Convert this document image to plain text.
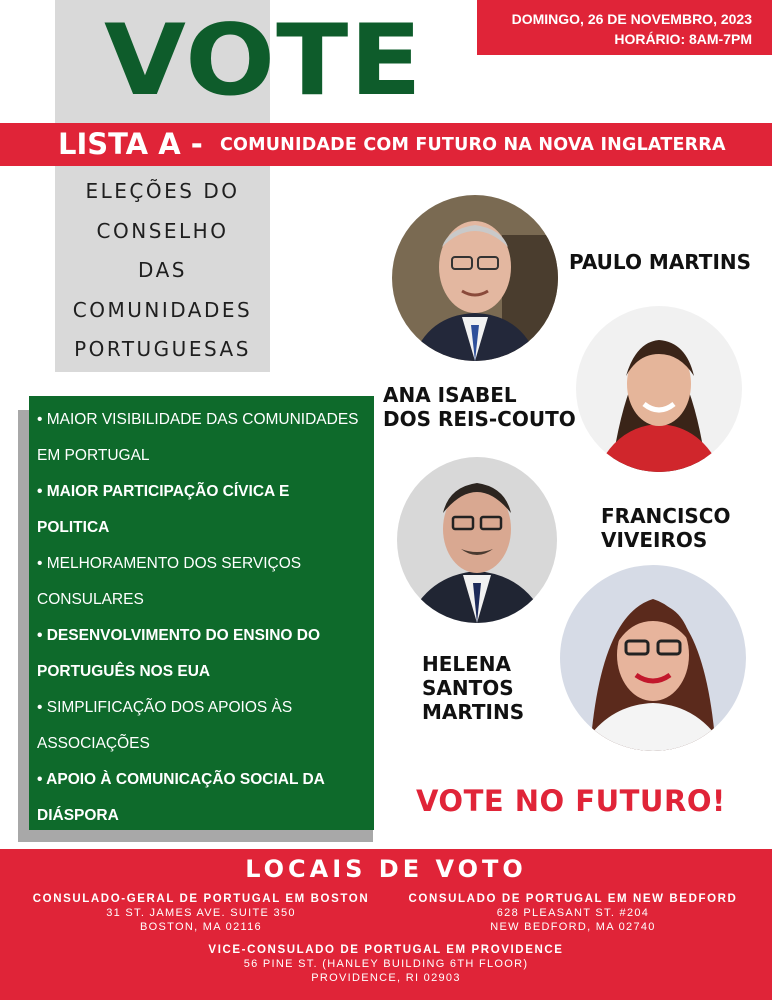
VOTE	DOMINGO, 26 DE NOVEMBRO, 2023
HORÁRIO: 8AM-7PM
LISTA A - COMUNIDADE COM FUTURO NA NOVA INGLATERRA
ELEÇÕES DO
CONSELHO
DAS
COMUNIDADES
PORTUGUESAS

• MAIOR VISIBILIDADE DAS COMUNIDADES

EM PORTUGAL

• MAIOR PARTICIPAÇÃO CÍVICA E

POLITICA

• MELHORAMENTO DOS SERVIÇOS

CONSULARES

• DESENVOLVIMENTO DO ENSINO DO

PORTUGUÊS NOS EUA

• SIMPLIFICAÇÃO DOS APOIOS ÀS

ASSOCIAÇÕES

• APOIO À COMUNICAÇÃO SOCIAL DA

DIÁSPORA

PAULO MARTINS
ANA ISABEL
DOS REIS-COUTO
FRANCISCO
VIVEIROS
HELENA
SANTOS
MARTINS
VOTE NO FUTURO!
LOCAIS DE VOTO
CONSULADO-GERAL DE PORTUGAL EM BOSTON
31 ST. JAMES AVE. SUITE 350
BOSTON, MA 02116
CONSULADO DE PORTUGAL EM NEW BEDFORD
628 PLEASANT ST. #204
NEW BEDFORD, MA 02740
VICE-CONSULADO DE PORTUGAL EM PROVIDENCE
56 PINE ST. (HANLEY BUILDING 6TH FLOOR)
PROVIDENCE, RI 02903
